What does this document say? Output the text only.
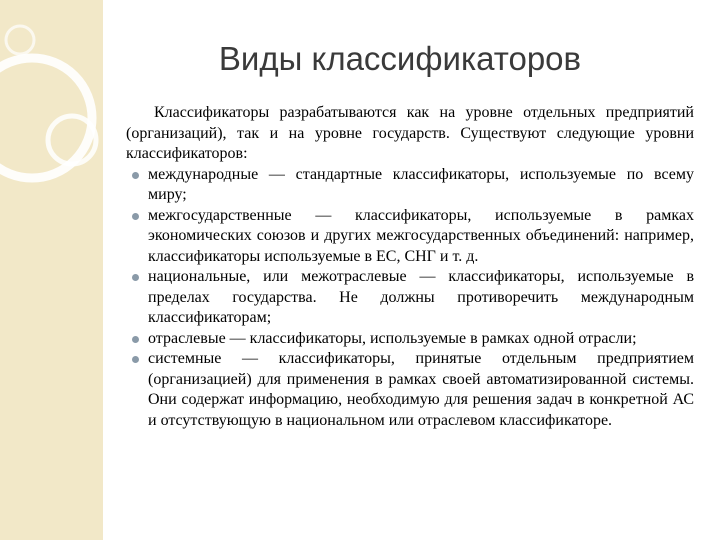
Виды классификаторов

Классификаторы разрабатываются как на уровне отдельных предприятий (организаций), так и на уровне государств. Существуют следующие уровни классификаторов:

международные — стандартные классификаторы, используемые по всему миру;
межгосударственные — классификаторы, используемые в рамках экономических союзов и других межгосударственных объединений: например, классификаторы используемые в ЕС, СНГ и т. д.
национальные, или межотраслевые — классификаторы, используемые в пределах государства. Не должны противоречить международным классификаторам;
отраслевые — классификаторы, используемые в рамках одной отрасли;
системные — классификаторы, принятые отдельным предприятием (организацией) для применения в рамках своей автоматизированной системы. Они содержат информацию, необходимую для решения задач в конкретной АС и отсутствующую в национальном или отраслевом классификаторе.
